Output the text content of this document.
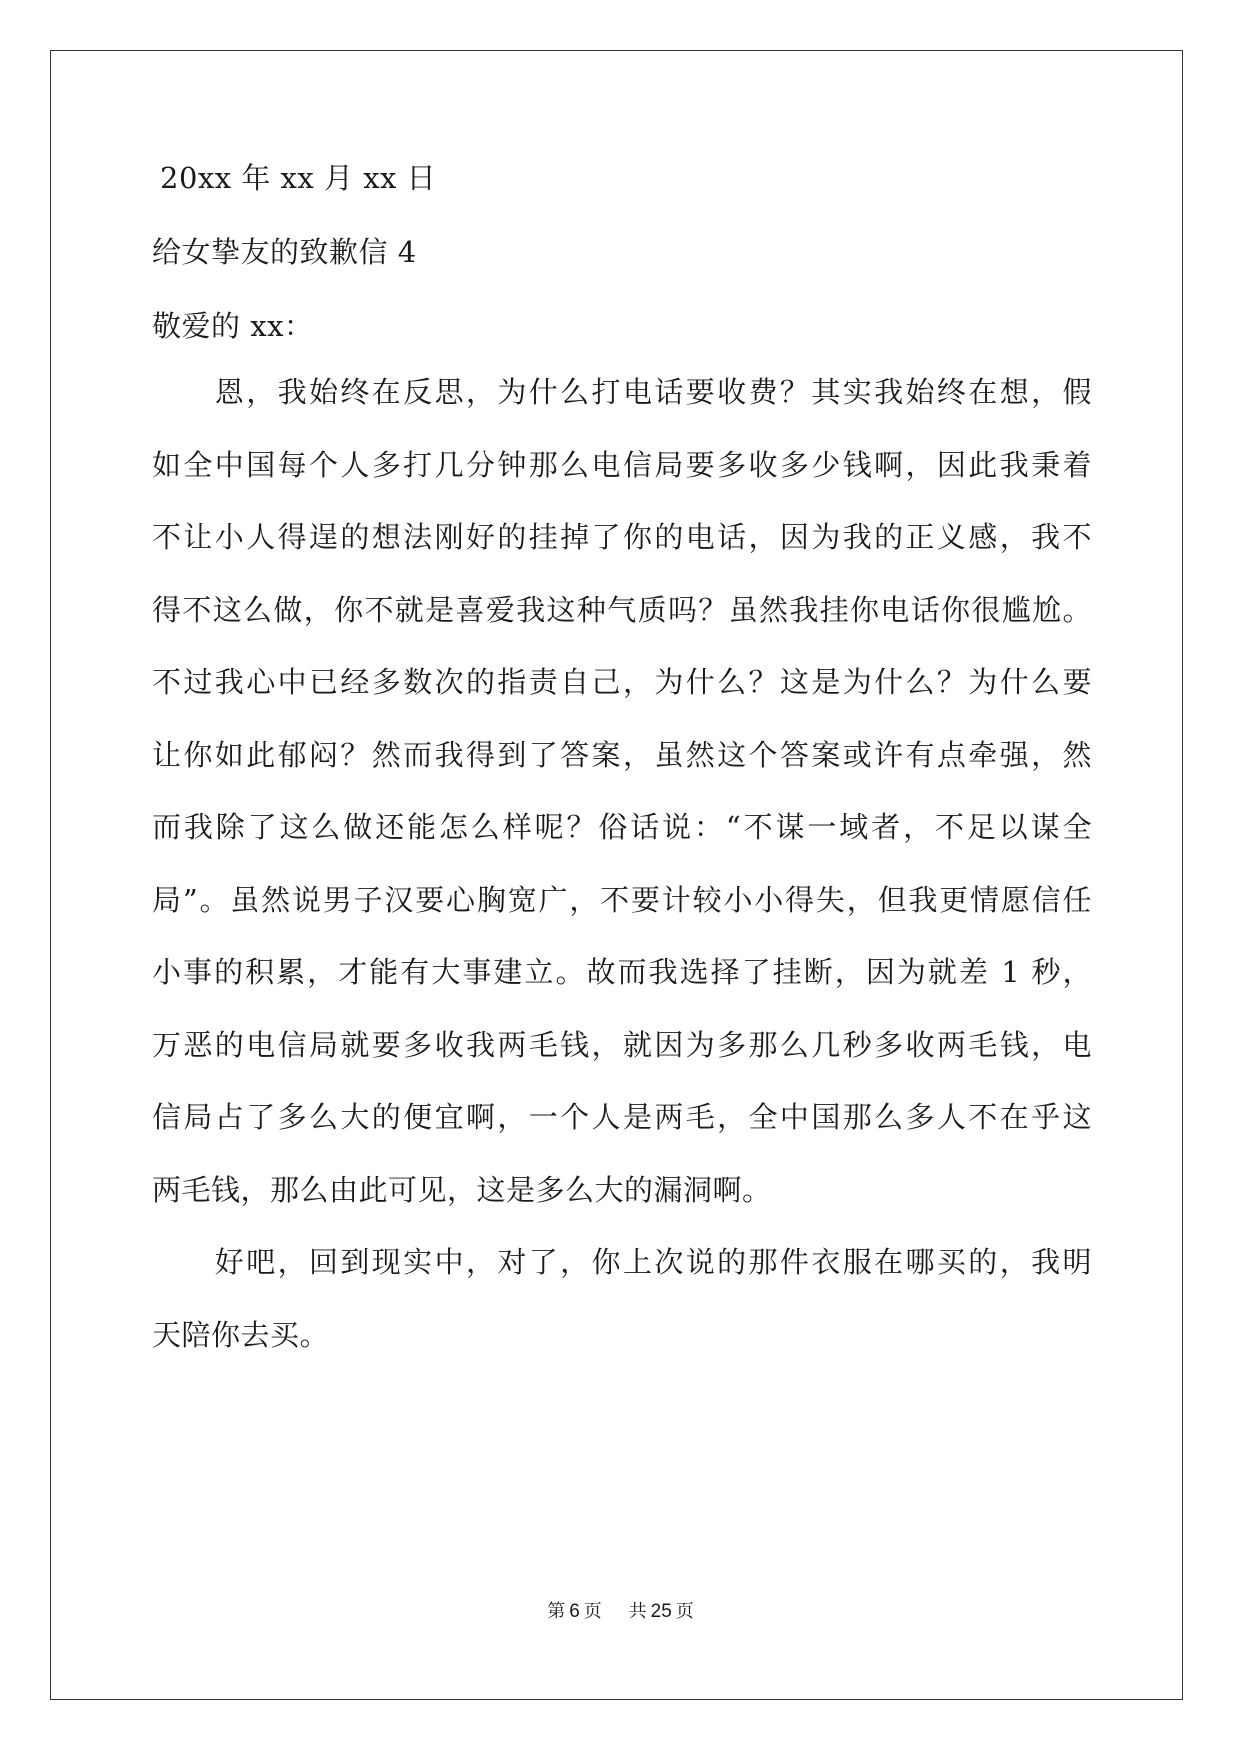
20xx 年 xx 月 xx 日
给女挚友的致歉信 4
敬爱的 xx：
　　恩，我始终在反思，为什么打电话要收费？其实我始终在想，假
如全中国每个人多打几分钟那么电信局要多收多少钱啊，因此我秉着
不让小人得逞的想法刚好的挂掉了你的电话，因为我的正义感，我不
得不这么做，你不就是喜爱我这种气质吗？虽然我挂你电话你很尴尬。
不过我心中已经多数次的指责自己，为什么？这是为什么？为什么要
让你如此郁闷？然而我得到了答案，虽然这个答案或许有点牵强，然
而我除了这么做还能怎么样呢？俗话说：“不谋一域者，不足以谋全
局”。虽然说男子汉要心胸宽广，不要计较小小得失，但我更情愿信任
小事的积累，才能有大事建立。故而我选择了挂断，因为就差 1 秒，
万恶的电信局就要多收我两毛钱，就因为多那么几秒多收两毛钱，电
信局占了多么大的便宜啊，一个人是两毛，全中国那么多人不在乎这
两毛钱，那么由此可见，这是多么大的漏洞啊。
　　好吧，回到现实中，对了，你上次说的那件衣服在哪买的，我明
天陪你去买。
第 6 页 共 25 页
